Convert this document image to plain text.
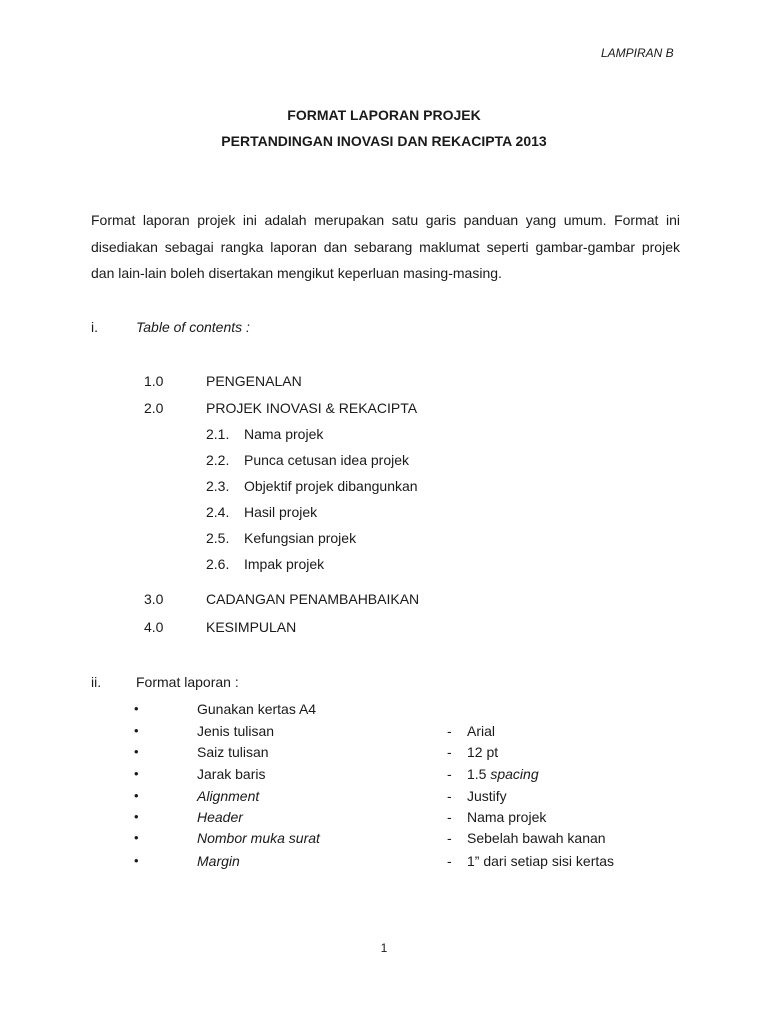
LAMPIRAN B
FORMAT LAPORAN PROJEK
PERTANDINGAN INOVASI DAN REKACIPTA 2013
Format laporan projek ini adalah merupakan satu garis panduan yang umum. Format ini disediakan sebagai rangka laporan dan sebarang maklumat seperti gambar-gambar projek dan lain-lain boleh disertakan mengikut keperluan masing-masing.
i.	Table of contents :
1.0	PENGENALAN
2.0	PROJEK INOVASI & REKACIPTA
2.1. Nama projek
2.2. Punca cetusan idea projek
2.3. Objektif projek dibangunkan
2.4. Hasil projek
2.5. Kefungsian projek
2.6. Impak projek
3.0	CADANGAN PENAMBAHBAIKAN
4.0	KESIMPULAN
ii. Format laporan :
•	Gunakan kertas A4
•	Jenis tulisan	- Arial
•	Saiz tulisan	- 12 pt
•	Jarak baris	- 1.5 spacing
•	Alignment	- Justify
•	Header	- Nama projek
•	Nombor muka surat	- Sebelah bawah kanan
•	Margin	- 1” dari setiap sisi kertas
1
